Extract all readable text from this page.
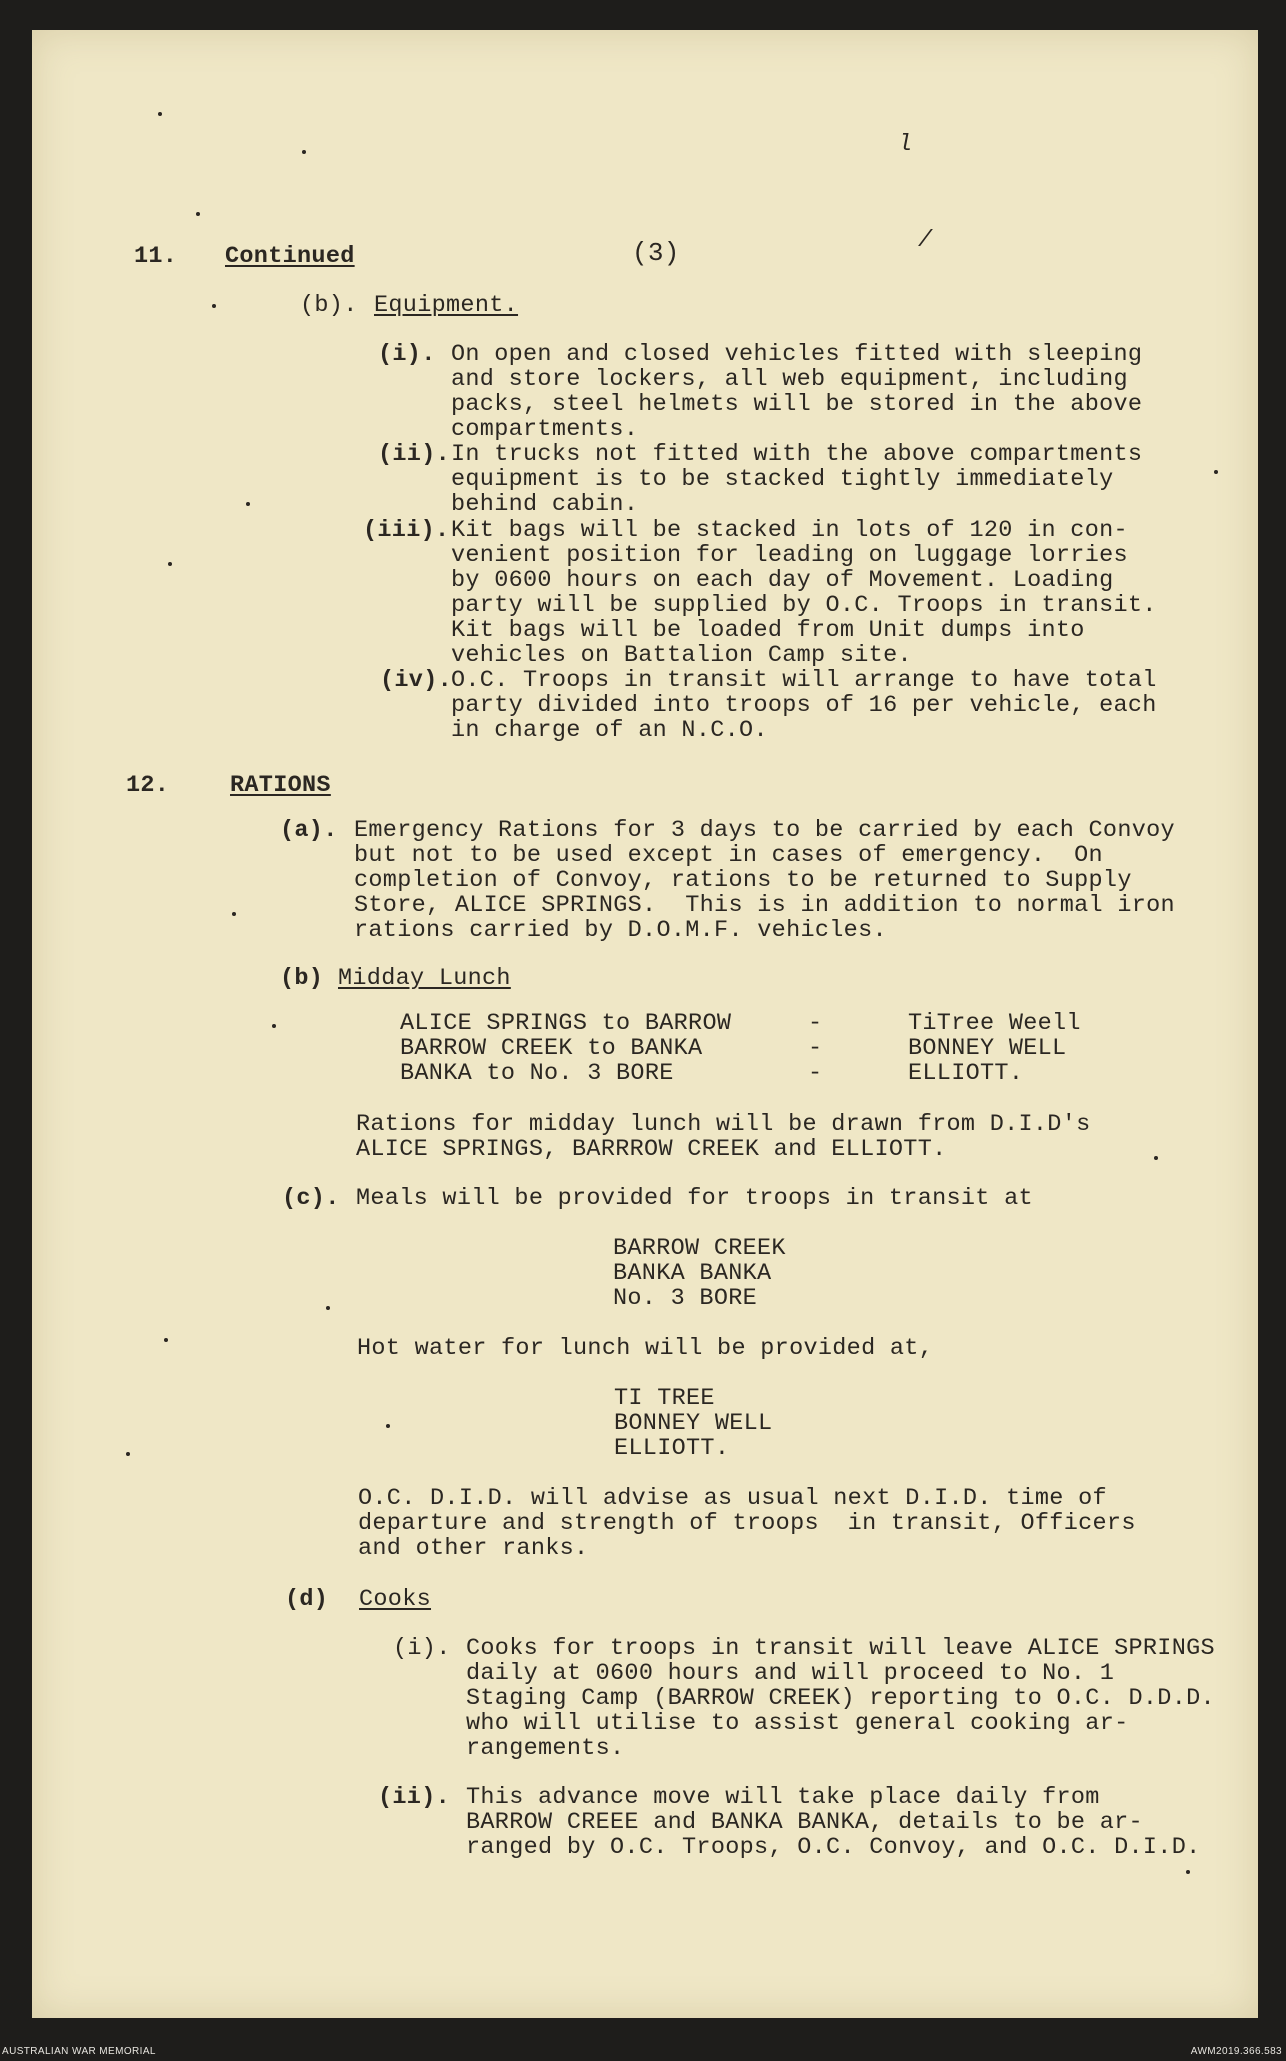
l
/
11. Continued	(3)
(b). Equipment.
(i). On open and closed vehicles fitted with sleeping
and store lockers, all web equipment, including
packs, steel helmets will be stored in the above
compartments.
(ii). In trucks not fitted with the above compartments
equipment is to be stacked tightly immediately
behind cabin.
(iii). Kit bags will be stacked in lots of 120 in con-
venient position for leading on luggage lorries
by 0600 hours on each day of Movement. Loading
party will be supplied by O.C. Troops in transit.
Kit bags will be loaded from Unit dumps into
vehicles on Battalion Camp site.
(iv).
O.C. Troops in transit will arrange to have total
party divided into troops of 16 per vehicle, each
in charge of an N.C.O.
12.	RATIONS
(a). Emergency Rations for 3 days to be carried by each Convoy
but not to be used except in cases of emergency.  On
completion of Convoy, rations to be returned to Supply
Store, ALICE SPRINGS.  This is in addition to normal iron
rations carried by D.O.M.F. vehicles.
(b) Midday Lunch
ALICE SPRINGS to BARROW	-	TiTree Weell
BARROW CREEK to BANKA	-	BONNEY WELL
BANKA to No. 3 BORE	-	ELLIOTT.
Rations for midday lunch will be drawn from D.I.D's
ALICE SPRINGS, BARRROW CREEK and ELLIOTT.
(c). Meals will be provided for troops in transit at
BARROW CREEK
BANKA BANKA
No. 3 BORE
Hot water for lunch will be provided at,
TI TREE
BONNEY WELL
ELLIOTT.
O.C. D.I.D. will advise as usual next D.I.D. time of
departure and strength of troops  in transit, Officers
and other ranks.
(d) Cooks
(i). Cooks for troops in transit will leave ALICE SPRINGS
daily at 0600 hours and will proceed to No. 1
Staging Camp (BARROW CREEK) reporting to O.C. D.D.D.
who will utilise to assist general cooking ar-
rangements.
(ii). This advance move will take place daily from
BARROW CREEE and BANKA BANKA, details to be ar-
ranged by O.C. Troops, O.C. Convoy, and O.C. D.I.D.
AUSTRALIAN WAR MEMORIAL	AWM2019.366.583
